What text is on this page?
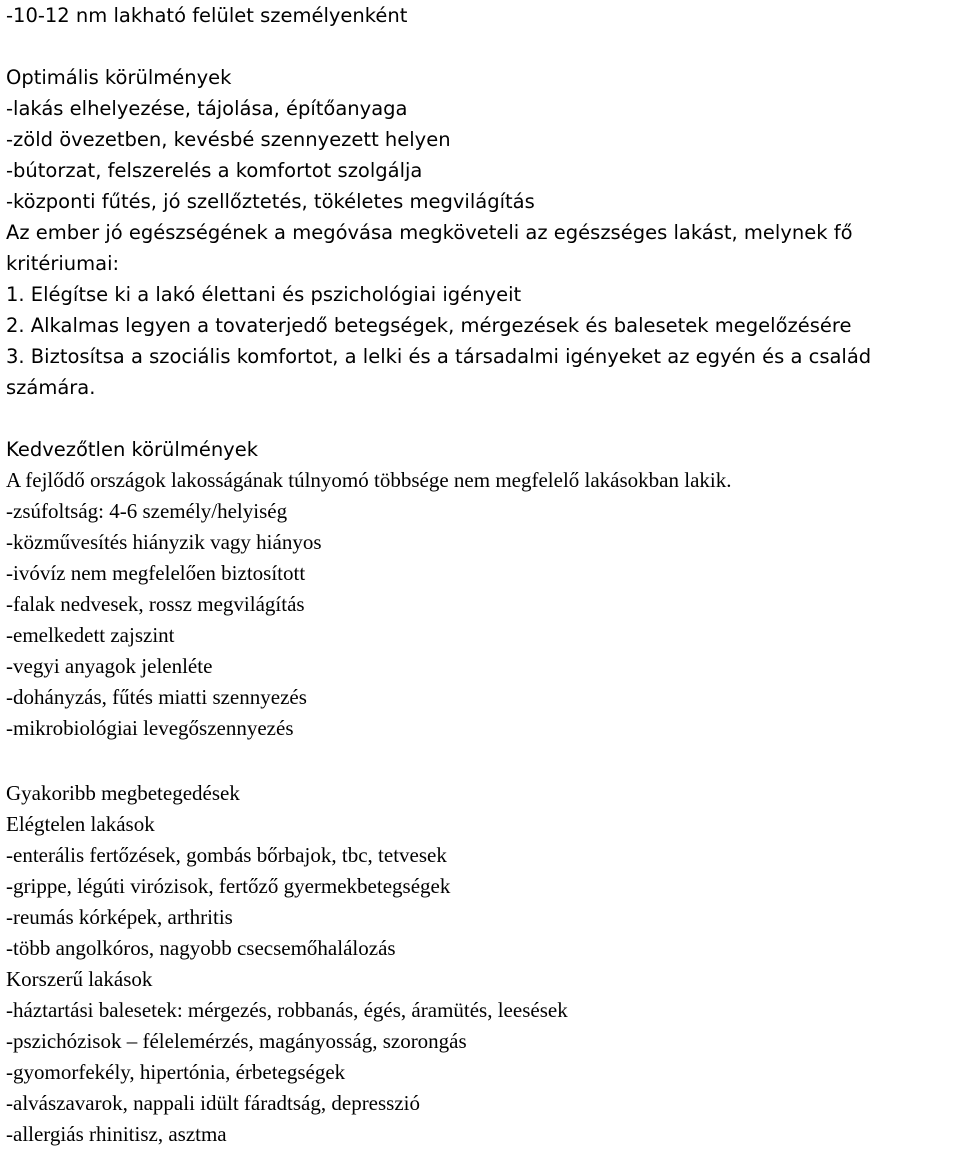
-10-12 nm lakható felület személyenként

Optimális körülmények

-lakás elhelyezése, tájolása, építőanyaga

-zöld övezetben, kevésbé szennyezett helyen

-bútorzat, felszerelés a komfortot szolgálja

-központi fűtés, jó szellőztetés, tökéletes megvilágítás

Az ember jó egészségének a megóvása megköveteli az egészséges lakást, melynek fő

kritériumai:

1. Elégítse ki a lakó élettani és pszichológiai igényeit

2. Alkalmas legyen a tovaterjedő betegségek, mérgezések és balesetek megelőzésére

3. Biztosítsa a szociális komfortot, a lelki és a társadalmi igényeket az egyén és a család

számára.

Kedvezőtlen körülmények

A fejlődő országok lakosságának túlnyomó többsége nem megfelelő lakásokban lakik.

-zsúfoltság: 4-6 személy/helyiség

-közművesítés hiányzik vagy hiányos

-ivóvíz nem megfelelően biztosított

-falak nedvesek, rossz megvilágítás

-emelkedett zajszint

-vegyi anyagok jelenléte

-dohányzás, fűtés miatti szennyezés

-mikrobiológiai levegőszennyezés

Gyakoribb megbetegedések

Elégtelen lakások

-enterális fertőzések, gombás bőrbajok, tbc, tetvesek

-grippe, légúti virózisok, fertőző gyermekbetegségek

-reumás kórképek, arthritis

-több angolkóros, nagyobb csecsemőhalálozás

Korszerű lakások

-háztartási balesetek: mérgezés, robbanás, égés, áramütés, leesések

-pszichózisok – félelemérzés, magányosság, szorongás

-gyomorfekély, hipertónia, érbetegségek

-alvászavarok, nappali idült fáradtság, depresszió

-allergiás rhinitisz, asztma
